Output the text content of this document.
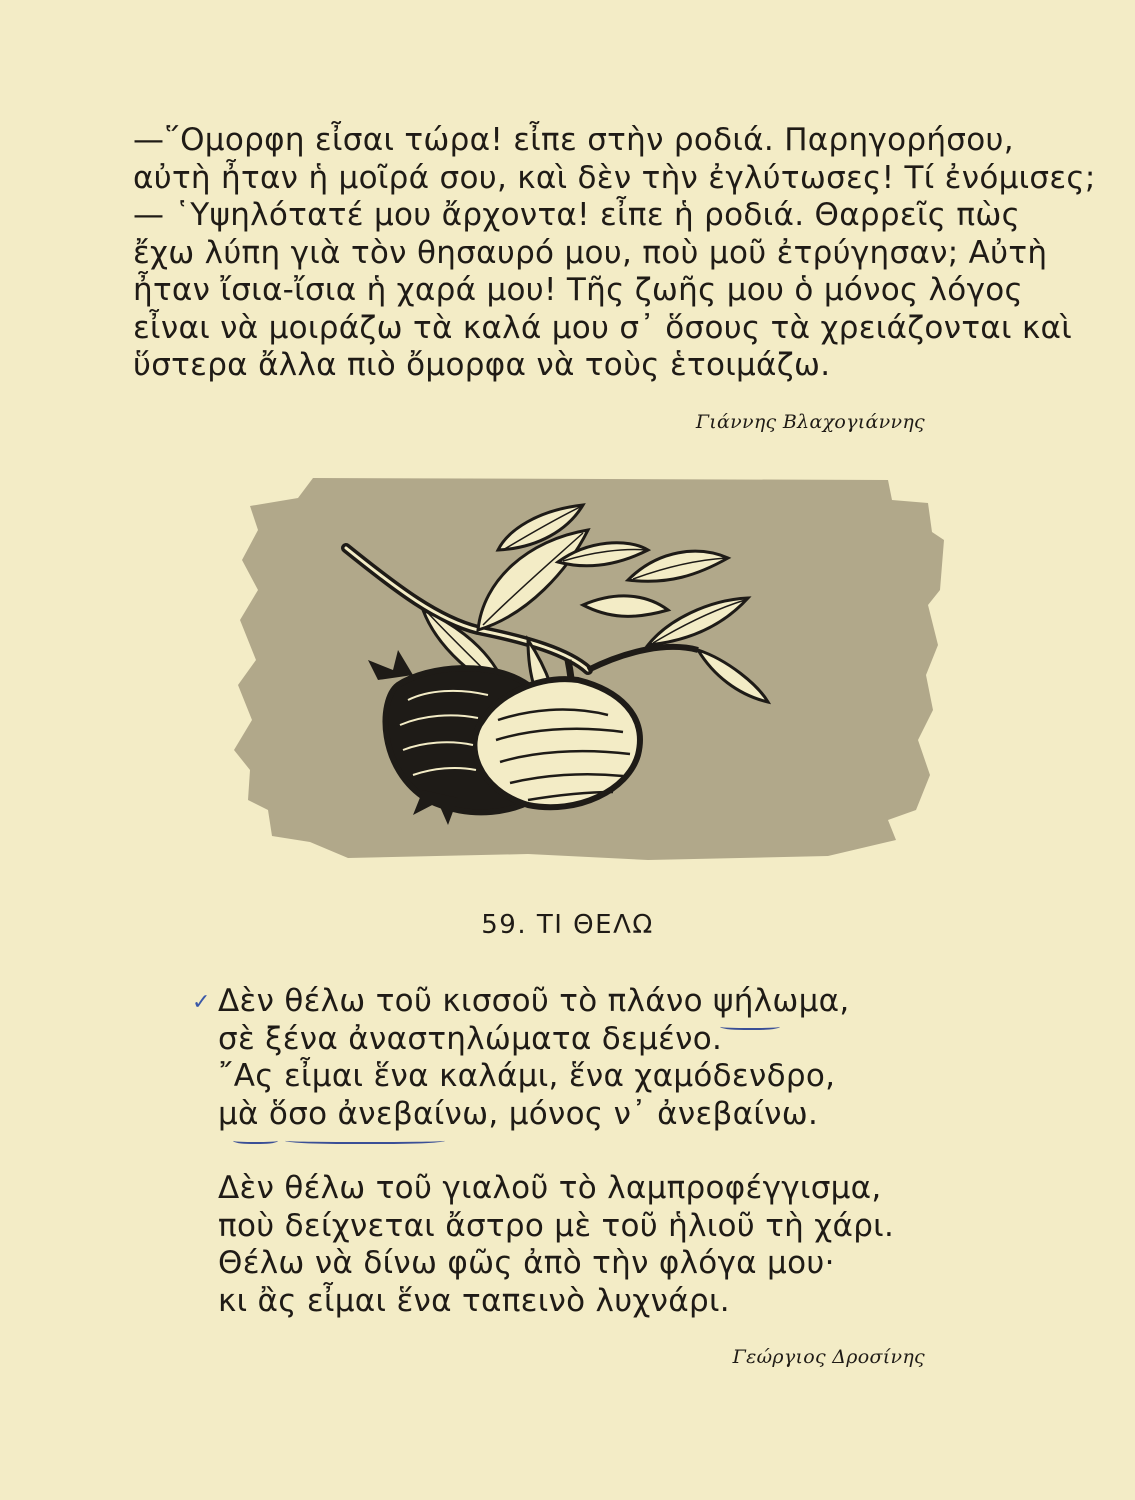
—῞Ομορφη εἶσαι τώρα! εἶπε στὴν ροδιά. Παρηγορήσου,
αὐτὴ ἦταν ἡ μοῖρά σου, καὶ δὲν τὴν ἐγλύτωσες! Τί ἐνόμισες;
— ῾Υψηλότατέ μου ἄρχοντα! εἶπε ἡ ροδιά. Θαρρεῖς πὼς
ἔχω λύπη γιὰ τὸν θησαυρό μου, ποὺ μοῦ ἐτρύγησαν; Αὐτὴ
ἦταν ἴσια-ἴσια ἡ χαρά μου! Τῆς ζωῆς μου ὁ μόνος λόγος
εἶναι νὰ μοιράζω τὰ καλά μου σ᾿ ὅσους τὰ χρειάζονται καὶ
ὕστερα ἄλλα πιὸ ὄμορφα νὰ τοὺς ἑτοιμάζω.
Γιάννης Βλαχογιάννης
59. ΤΙ ΘΕΛΩ
Δὲν θέλω τοῦ κισσοῦ τὸ πλάνο ψήλωμα,
σὲ ξένα ἀναστηλώματα δεμένο.
῎Ας εἶμαι ἕνα καλάμι, ἕνα χαμόδενδρο,
μὰ ὅσο ἀνεβαίνω, μόνος ν᾿ ἀνεβαίνω.
Δὲν θέλω τοῦ γιαλοῦ τὸ λαμπροφέγγισμα,
ποὺ δείχνεται ἄστρο μὲ τοῦ ἡλιοῦ τὴ χάρι.
Θέλω νὰ δίνω φῶς ἀπὸ τὴν φλόγα μου·
κι ἂς εἶμαι ἕνα ταπεινὸ λυχνάρι.
Γεώργιος Δροσίνης
✓
